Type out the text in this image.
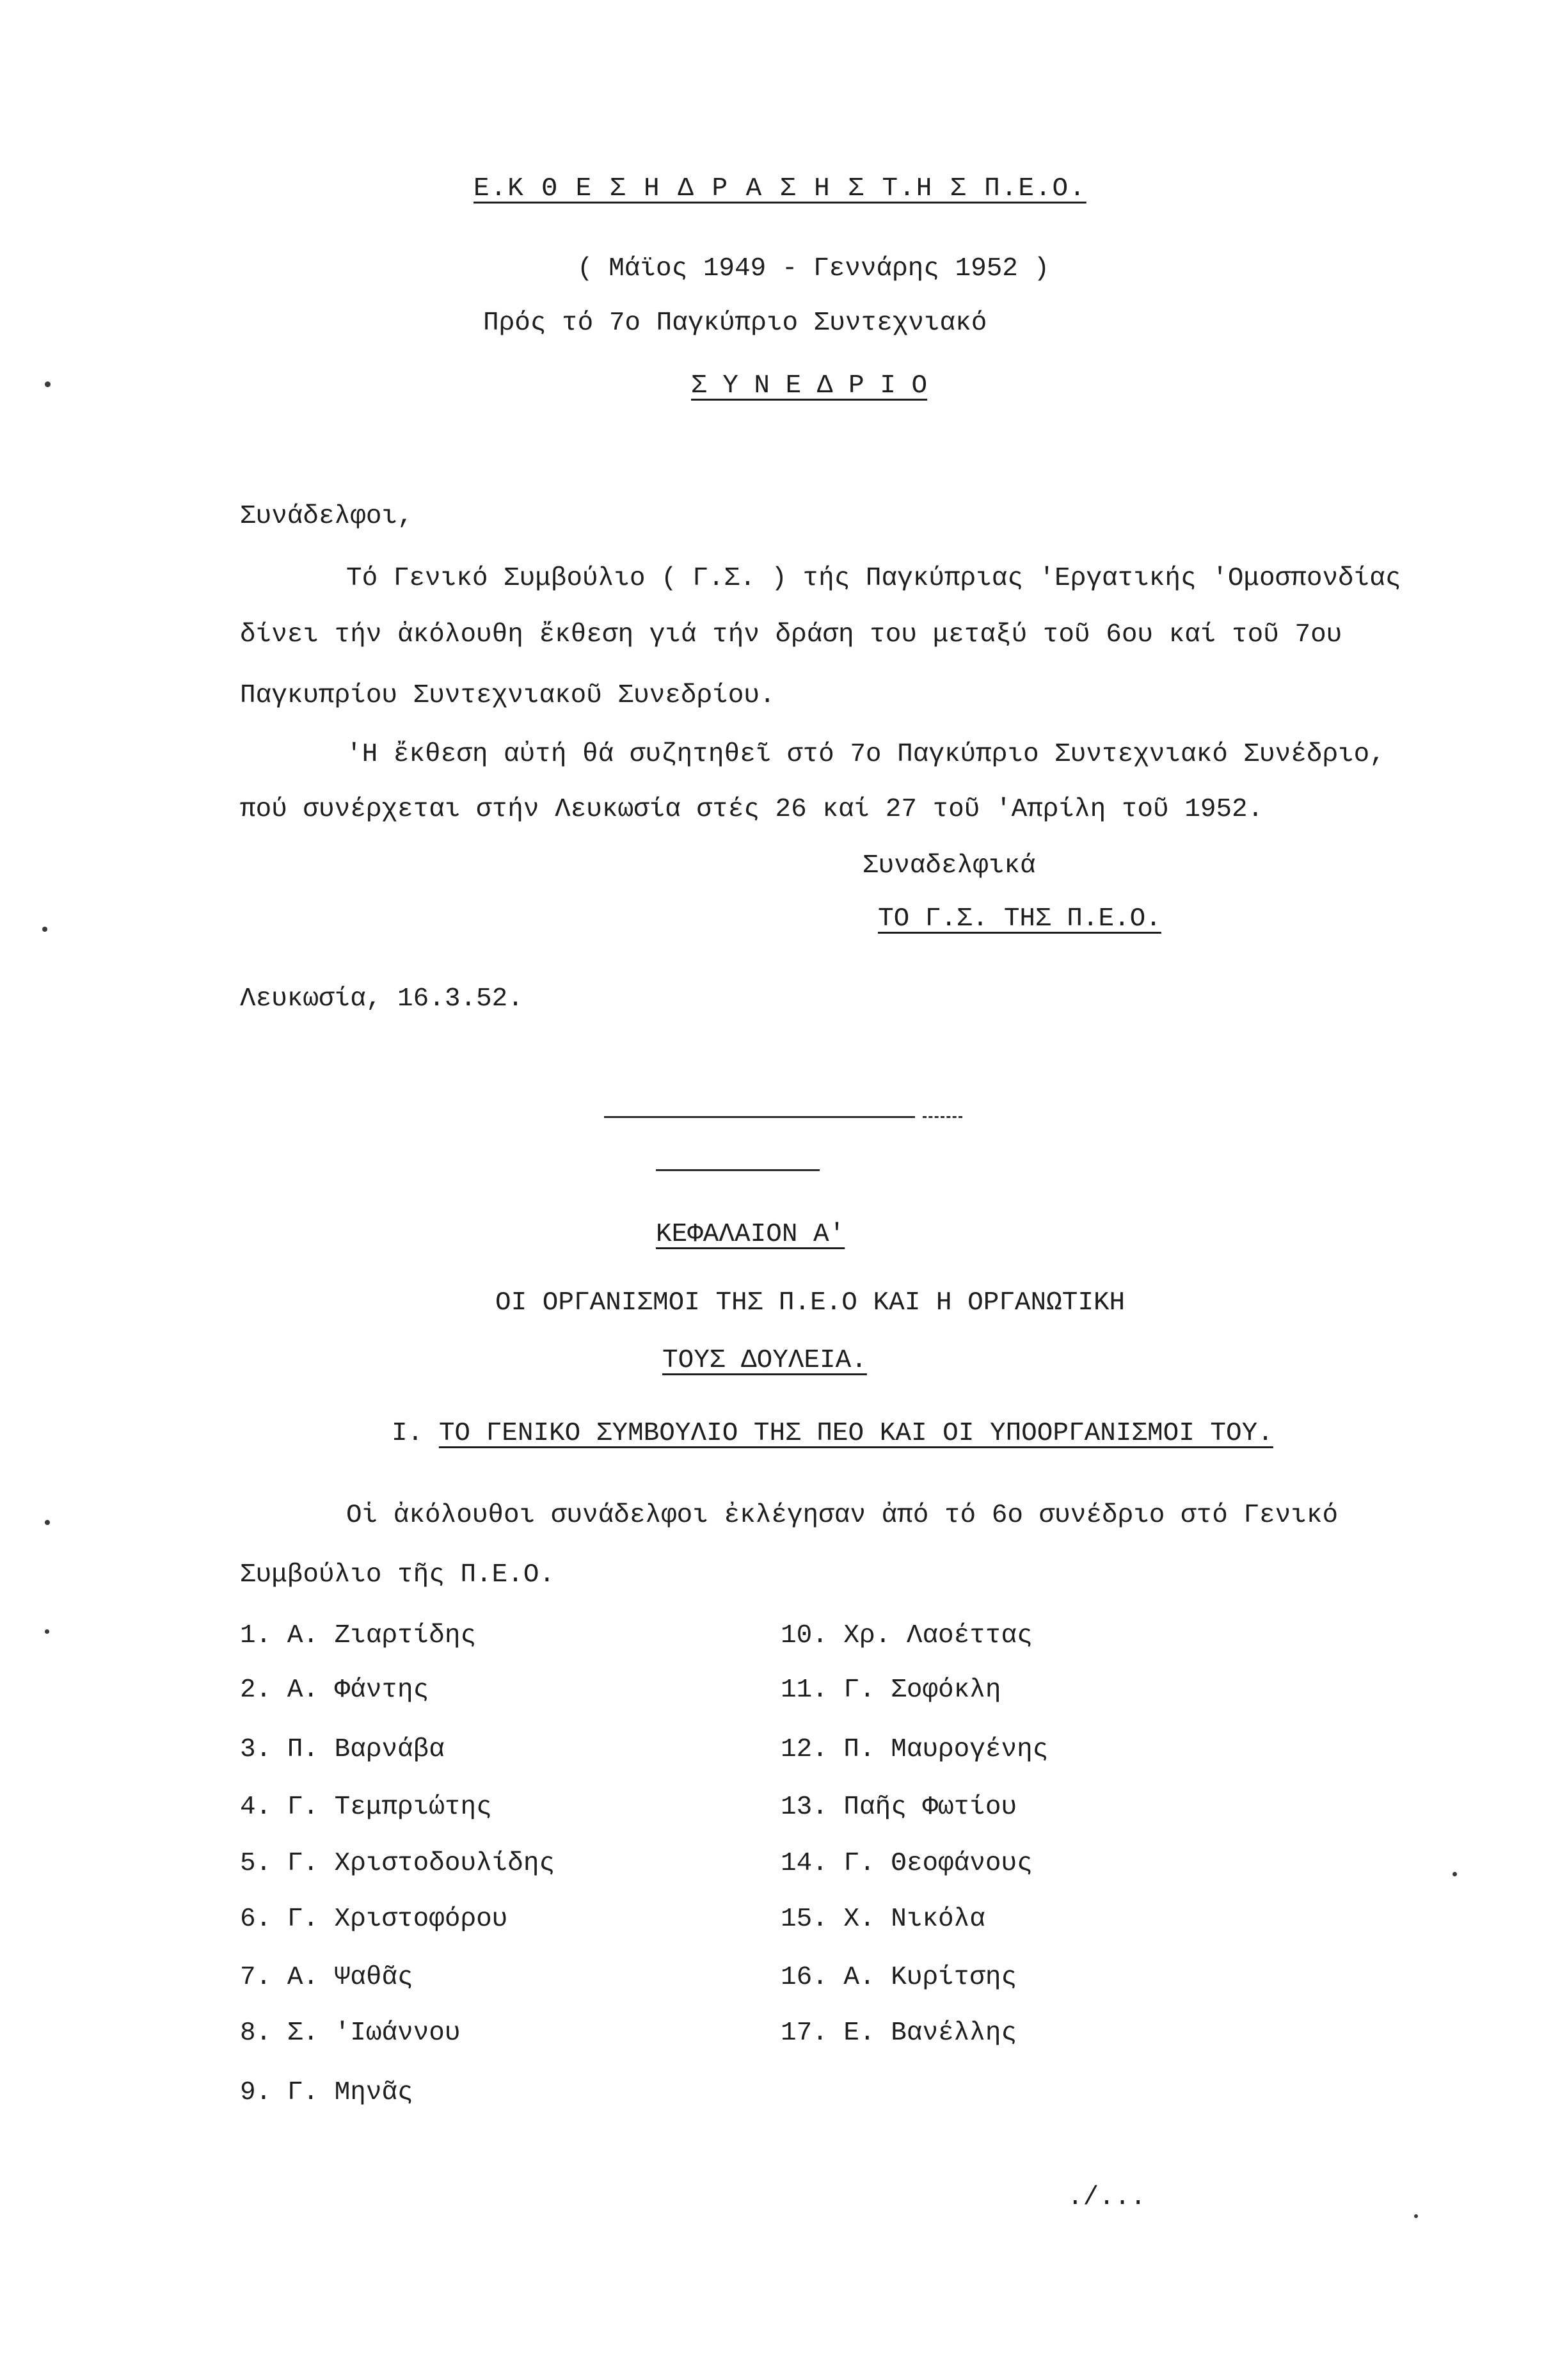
Ε.Κ Θ Ε Σ Η Δ Ρ Α Σ Η Σ Τ.Η Σ Π.Ε.Ο.
( Μάϊος 1949 - Γεννάρης 1952 )
Πρός τό 7ο Παγκύπριο Συντεχνιακό
Σ Υ Ν Ε Δ Ρ Ι Ο
Συνάδελφοι,
Τό Γενικό Συμβούλιο ( Γ.Σ. ) τής Παγκύπριας 'Εργατικής 'Ομοσπονδίας
δίνει τήν ἀκόλουθη ἔκθεση γιά τήν δράση του μεταξύ τοῦ 6ου καί τοῦ 7ου
Παγκυπρίου Συντεχνιακοῦ Συνεδρίου.
'Η ἔκθεση αὐτή θά συζητηθεῖ στό 7ο Παγκύπριο Συντεχνιακό Συνέδριο,
πού συνέρχεται στήν Λευκωσία στές 26 καί 27 τοῦ 'Απρίλη τοῦ 1952.
Συναδελφικά
ΤΟ Γ.Σ. ΤΗΣ Π.Ε.Ο.
Λευκωσία, 16.3.52.
ΚΕΦΑΛΑΙΟΝ Α'
ΟΙ ΟΡΓΑΝΙΣΜΟΙ ΤΗΣ Π.Ε.Ο ΚΑΙ Η ΟΡΓΑΝΩΤΙΚΗ
ΤΟΥΣ ΔΟΥΛΕΙΑ.
Ι. ΤΟ ΓΕΝΙΚΟ ΣΥΜΒΟΥΛΙΟ ΤΗΣ ΠΕΟ ΚΑΙ ΟΙ ΥΠΟΟΡΓΑΝΙΣΜΟΙ ΤΟΥ.
Οἱ ἀκόλουθοι συνάδελφοι ἐκλέγησαν ἀπό τό 6ο συνέδριο στό Γενικό
Συμβούλιο τῆς Π.Ε.Ο.
1. Α. Ζιαρτίδης
2. Α. Φάντης
3. Π. Βαρνάβα
4. Γ. Τεμπριώτης
5. Γ. Χριστοδουλίδης
6. Γ. Χριστοφόρου
7. Α. Ψαθᾶς
8. Σ. 'Ιωάννου
9. Γ. Μηνᾶς
10. Χρ. Λαοέττας
11. Γ. Σοφόκλη
12. Π. Μαυρογένης
13. Παῆς Φωτίου
14. Γ. Θεοφάνους
15. Χ. Νικόλα
16. Α. Κυρίτσης
17. Ε. Βανέλλης
./...
